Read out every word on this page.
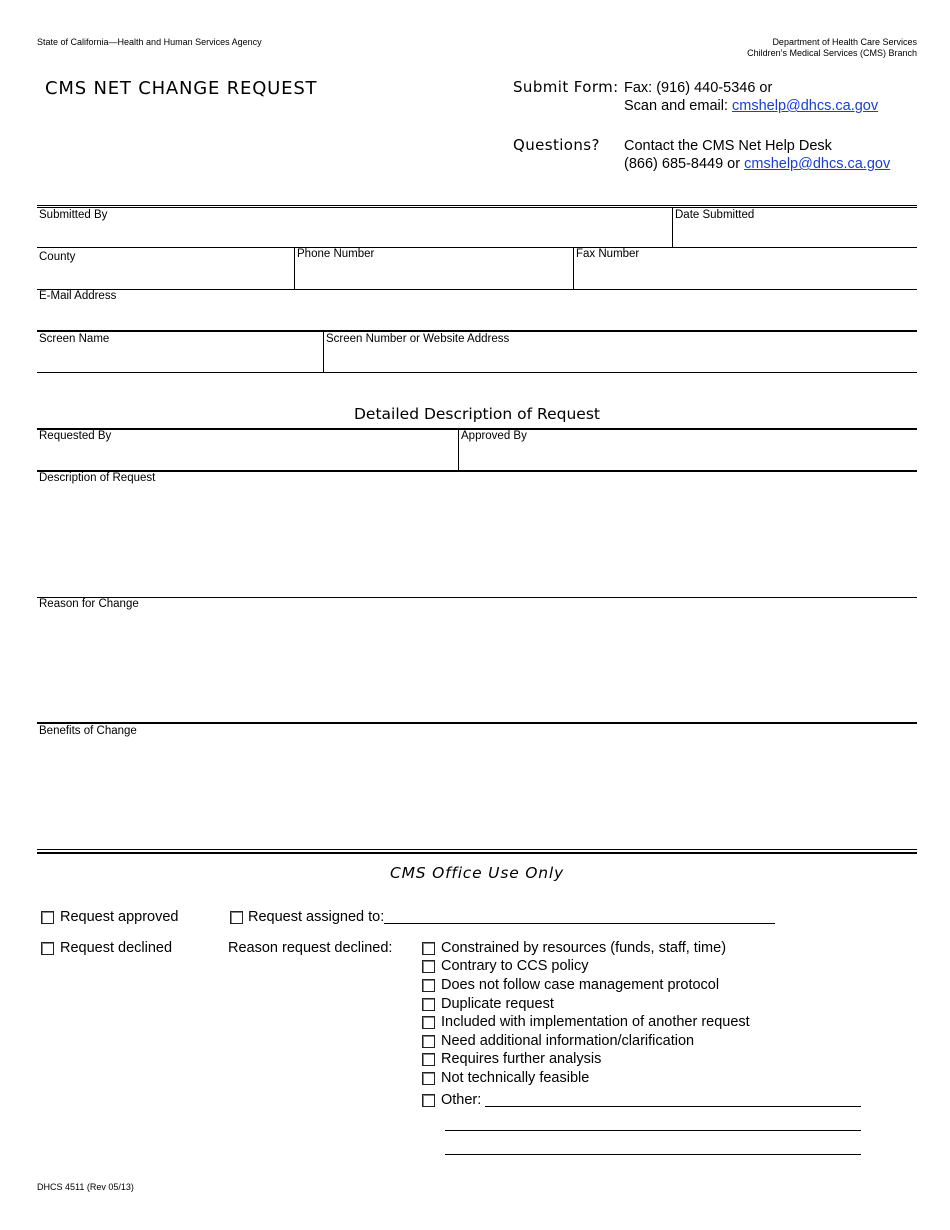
State of California—Health and Human Services Agency	Department of Health Care Services
Children’s Medical Services (CMS) Branch
CMS NET CHANGE REQUEST	Submit Form: Fax: (916) 440-5346 or
Scan and email: cmshelp@dhcs.ca.gov
Questions? Contact the CMS Net Help Desk
(866) 685-8449 or cmshelp@dhcs.ca.gov
Submitted By	Date Submitted
County	Phone Number	Fax Number
E-Mail Address
Screen Name	Screen Number or Website Address
Detailed Description of Request
Requested By	Approved By
Description of Request
Reason for Change
Benefits of Change
CMS Office Use Only
Request approved	Request assigned to:
Request declined	Reason request declined:	Constrained by resources (funds, staff, time)
Contrary to CCS policy
Does not follow case management protocol
Duplicate request
Included with implementation of another request
Need additional information/clarification
Requires further analysis
Not technically feasible
Other:
DHCS 4511 (Rev 05/13)
